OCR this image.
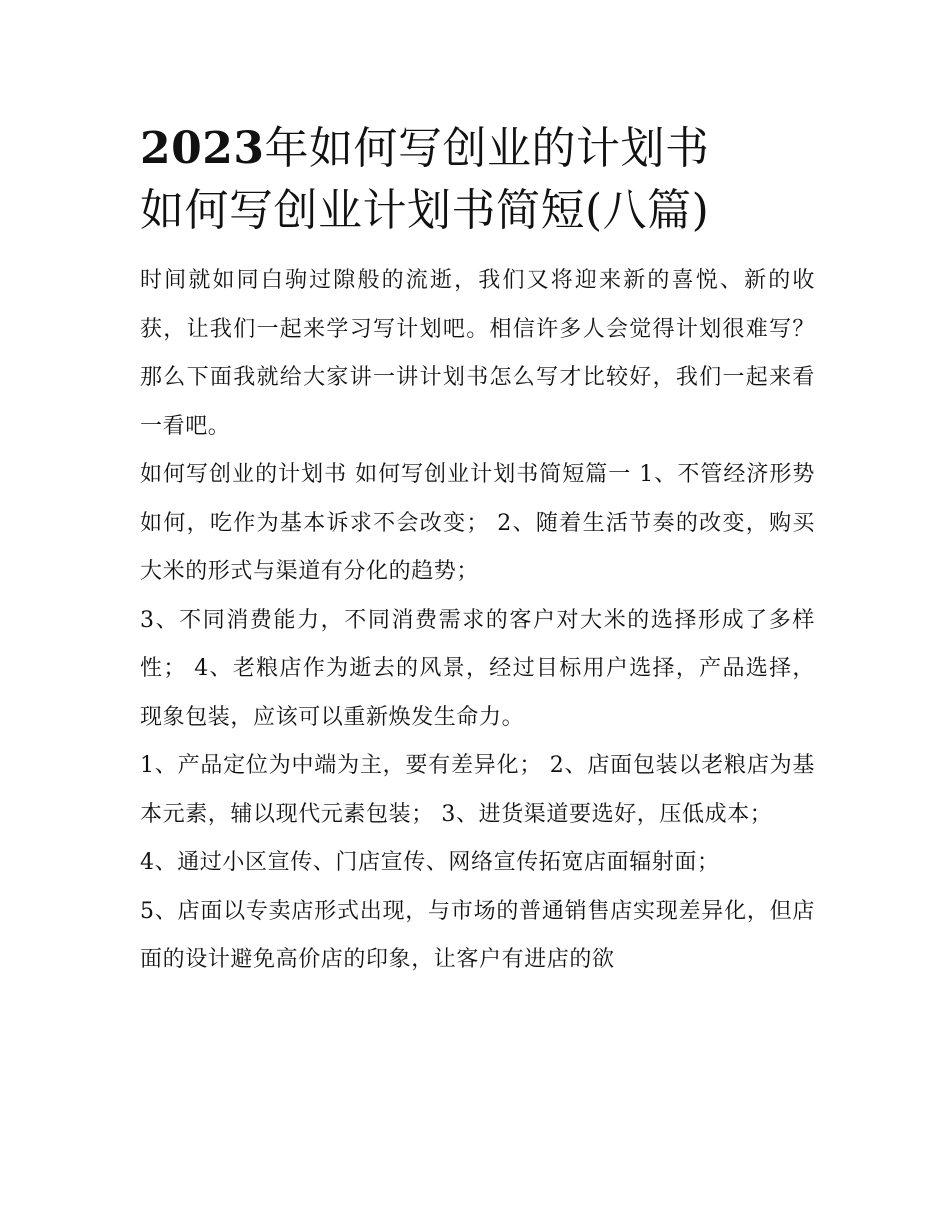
2023年如何写创业的计划书
如何写创业计划书简短(八篇)

时间就如同白驹过隙般的流逝，我们又将迎来新的喜悦、新的收获，让我们一起来学习写计划吧。相信许多人会觉得计划很难写？那么下面我就给大家讲一讲计划书怎么写才比较好，我们一起来看一看吧。

如何写创业的计划书 如何写创业计划书简短篇一 1、不管经济形势如何，吃作为基本诉求不会改变； 2、随着生活节奏的改变，购买大米的形式与渠道有分化的趋势；

3、不同消费能力，不同消费需求的客户对大米的选择形成了多样性； 4、老粮店作为逝去的风景，经过目标用户选择，产品选择，现象包装，应该可以重新焕发生命力。

1、产品定位为中端为主，要有差异化； 2、店面包装以老粮店为基本元素，辅以现代元素包装； 3、进货渠道要选好，压低成本；

4、通过小区宣传、门店宣传、网络宣传拓宽店面辐射面；

5、店面以专卖店形式出现，与市场的普通销售店实现差异化，但店面的设计避免高价店的印象，让客户有进店的欲
